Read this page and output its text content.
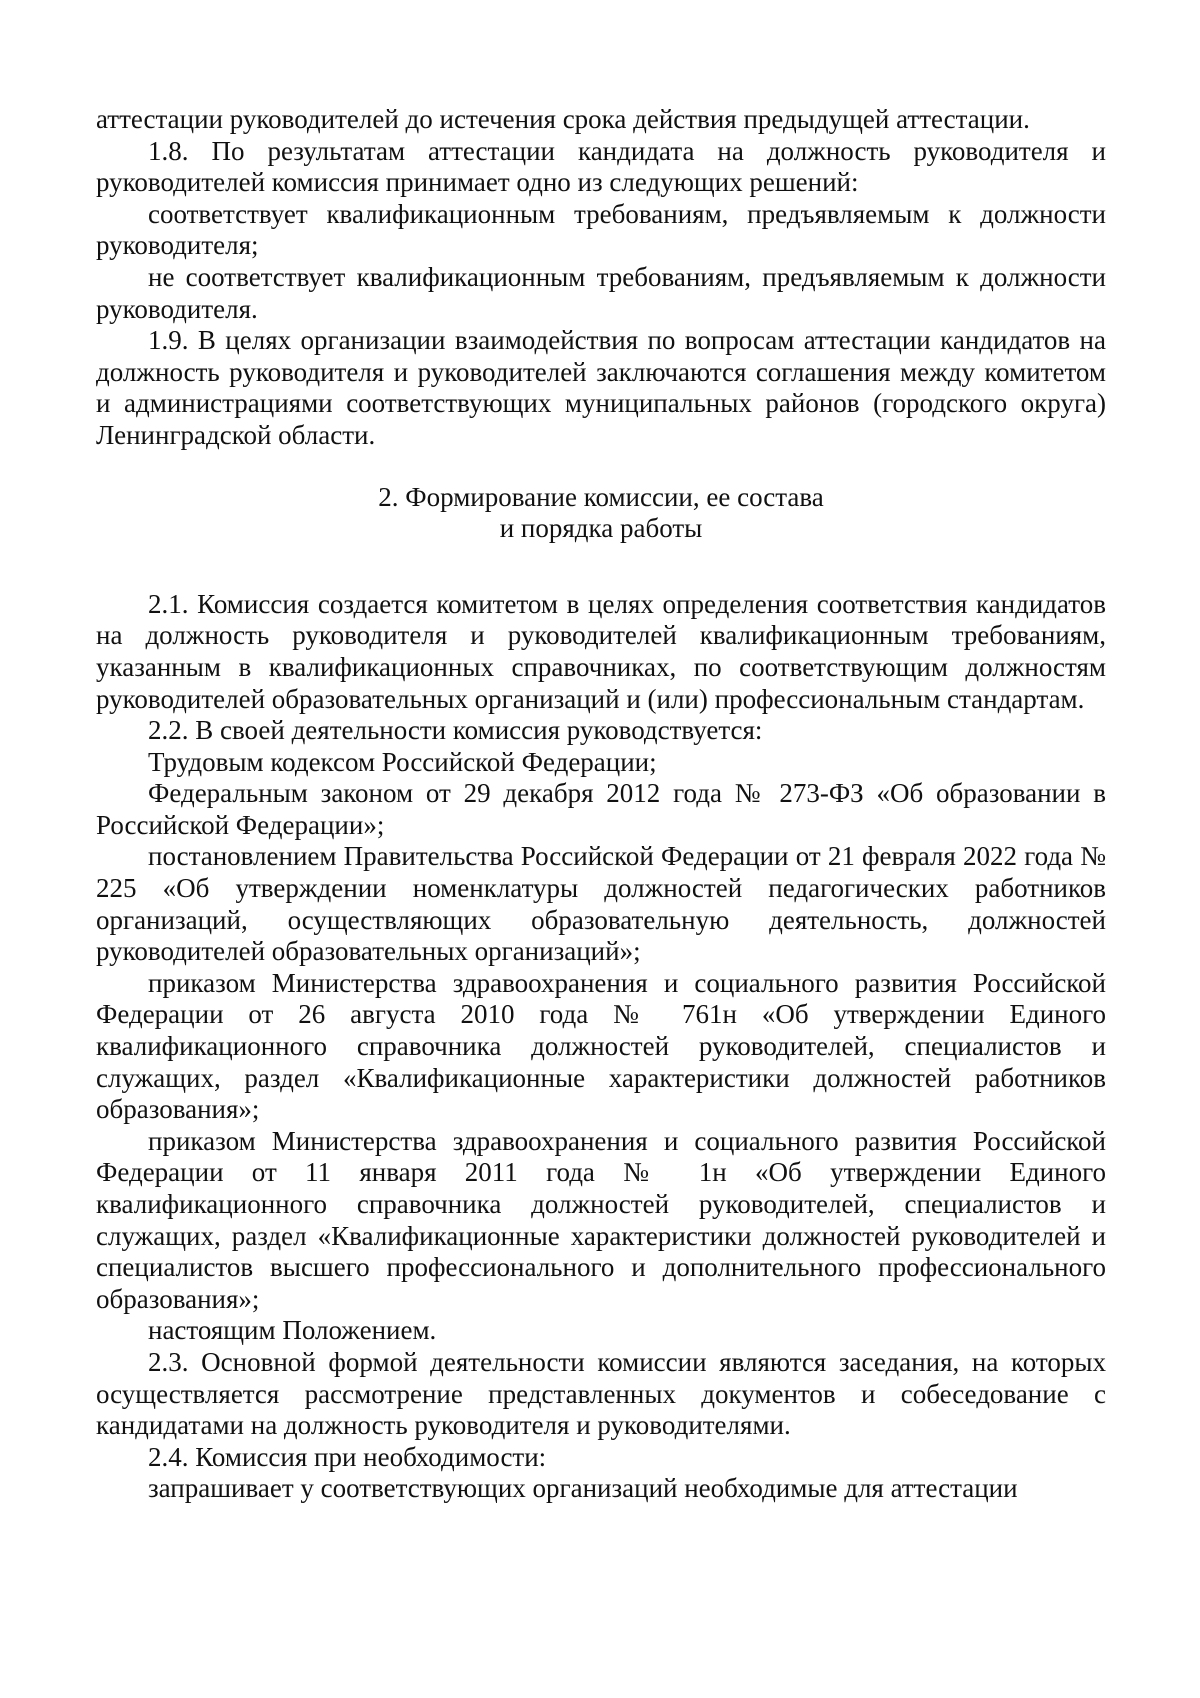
аттестации руководителей до истечения срока действия предыдущей аттестации.

1.8. По результатам аттестации кандидата на должность руководителя и руководителей комиссия принимает одно из следующих решений:

соответствует квалификационным требованиям, предъявляемым к должности руководителя;

не соответствует квалификационным требованиям, предъявляемым к должности руководителя.

1.9. В целях организации взаимодействия по вопросам аттестации кандидатов на должность руководителя и руководителей заключаются соглашения между комитетом и администрациями соответствующих муниципальных районов (городского округа) Ленинградской области.

2. Формирование комиссии, ее состава
и порядка работы

2.1. Комиссия создается комитетом в целях определения соответствия кандидатов на должность руководителя и руководителей квалификационным требованиям, указанным в квалификационных справочниках, по соответствующим должностям руководителей образовательных организаций и (или) профессиональным стандартам.

2.2. В своей деятельности комиссия руководствуется:

Трудовым кодексом Российской Федерации;

Федеральным законом от 29 декабря 2012 года № 273-ФЗ «Об образовании в Российской Федерации»;

постановлением Правительства Российской Федерации от 21 февраля 2022 года № 225 «Об утверждении номенклатуры должностей педагогических работников организаций, осуществляющих образовательную деятельность, должностей руководителей образовательных организаций»;

приказом Министерства здравоохранения и социального развития Российской Федерации от 26 августа 2010 года № 761н «Об утверждении Единого квалификационного справочника должностей руководителей, специалистов и служащих, раздел «Квалификационные характеристики должностей работников образования»;

приказом Министерства здравоохранения и социального развития Российской Федерации от 11 января 2011 года № 1н «Об утверждении Единого квалификационного справочника должностей руководителей, специалистов и служащих, раздел «Квалификационные характеристики должностей руководителей и специалистов высшего профессионального и дополнительного профессионального образования»;

настоящим Положением.

2.3. Основной формой деятельности комиссии являются заседания, на которых осуществляется рассмотрение представленных документов и собеседование с кандидатами на должность руководителя и руководителями.

2.4. Комиссия при необходимости:

запрашивает у соответствующих организаций необходимые для аттестации
